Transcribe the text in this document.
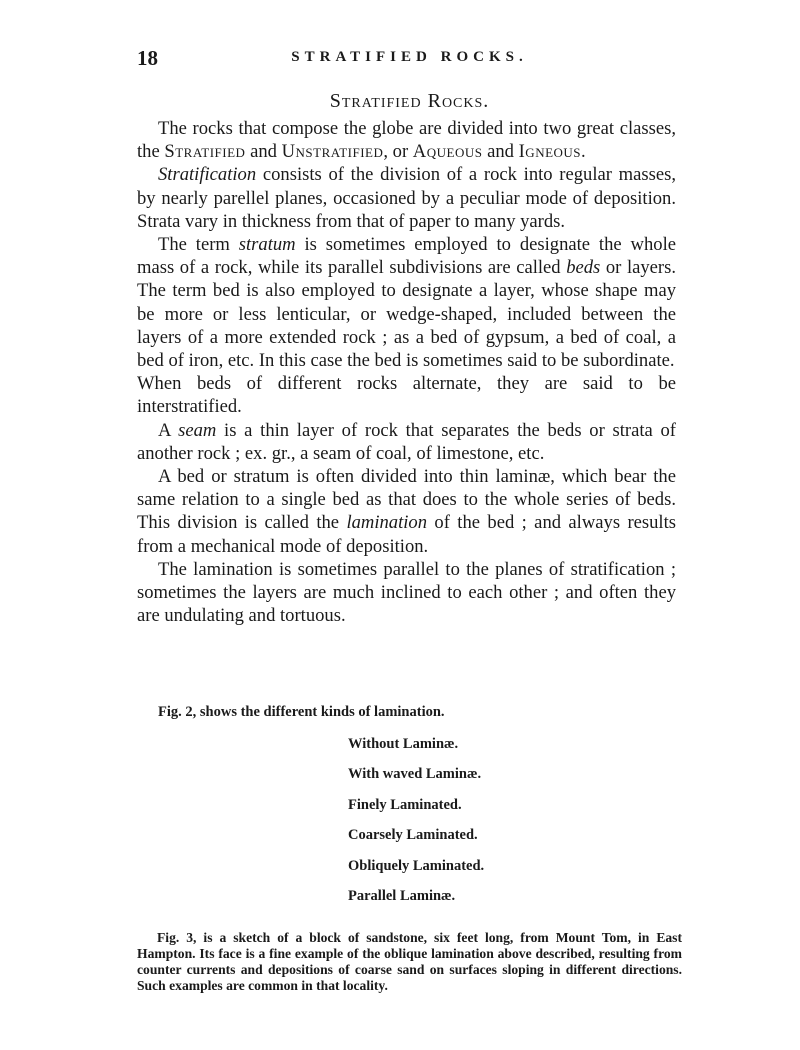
18	STRATIFIED ROCKS.
Stratified Rocks.

The rocks that compose the globe are divided into two great classes, the Stratified and Unstratified, or Aqueous and Igneous.

Stratification consists of the division of a rock into regular masses, by nearly parellel planes, occasioned by a peculiar mode of deposition. Strata vary in thickness from that of paper to many yards.

The term stratum is sometimes employed to designate the whole mass of a rock, while its parallel subdivisions are called beds or layers. The term bed is also employed to designate a layer, whose shape may be more or less lenticular, or wedge-shaped, included between the layers of a more extended rock ; as a bed of gypsum, a bed of coal, a bed of iron, etc. In this case the bed is sometimes said to be subordinate.

When beds of different rocks alternate, they are said to be interstratified.

A seam is a thin layer of rock that separates the beds or strata of another rock ; ex. gr., a seam of coal, of limestone, etc.

A bed or stratum is often divided into thin laminæ, which bear the same relation to a single bed as that does to the whole series of beds. This division is called the lamination of the bed ; and always results from a mechanical mode of deposition.

The lamination is sometimes parallel to the planes of stratification ; sometimes the layers are much inclined to each other ; and often they are undulating and tortuous.

Fig. 2, shows the different kinds of lamination.
Without Laminæ.
With waved Laminæ.
Finely Laminated.
Coarsely Laminated.
Obliquely Laminated.
Parallel Laminæ.
Fig. 3, is a sketch of a block of sandstone, six feet long, from Mount Tom, in East Hampton. Its face is a fine example of the oblique lamination above described, resulting from counter currents and depositions of coarse sand on surfaces sloping in different directions. Such examples are common in that locality.
